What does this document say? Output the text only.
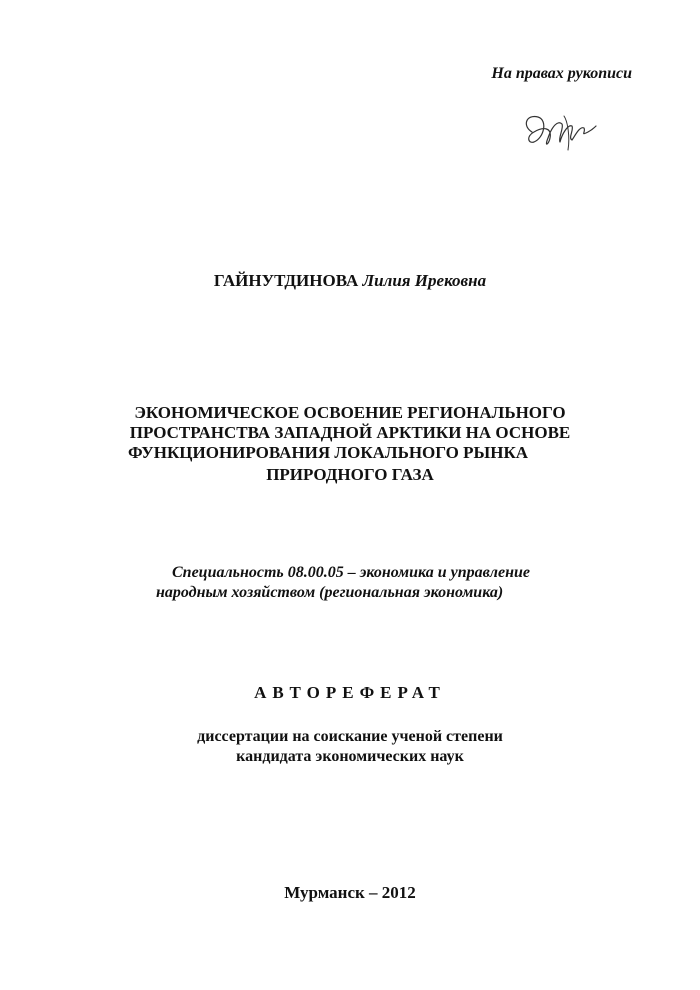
На правах рукописи
ГАЙНУТДИНОВА Лилия Ирековна
ЭКОНОМИЧЕСКОЕ ОСВОЕНИЕ РЕГИОНАЛЬНОГО
ПРОСТРАНСТВА ЗАПАДНОЙ АРКТИКИ НА ОСНОВЕ
ФУНКЦИОНИРОВАНИЯ ЛОКАЛЬНОГО РЫНКА
ПРИРОДНОГО ГАЗА
Специальность 08.00.05 – экономика и управление
народным хозяйством (региональная экономика)
АВТОРЕФЕРАТ
диссертации на соискание ученой степени
кандидата экономических наук
Мурманск – 2012
